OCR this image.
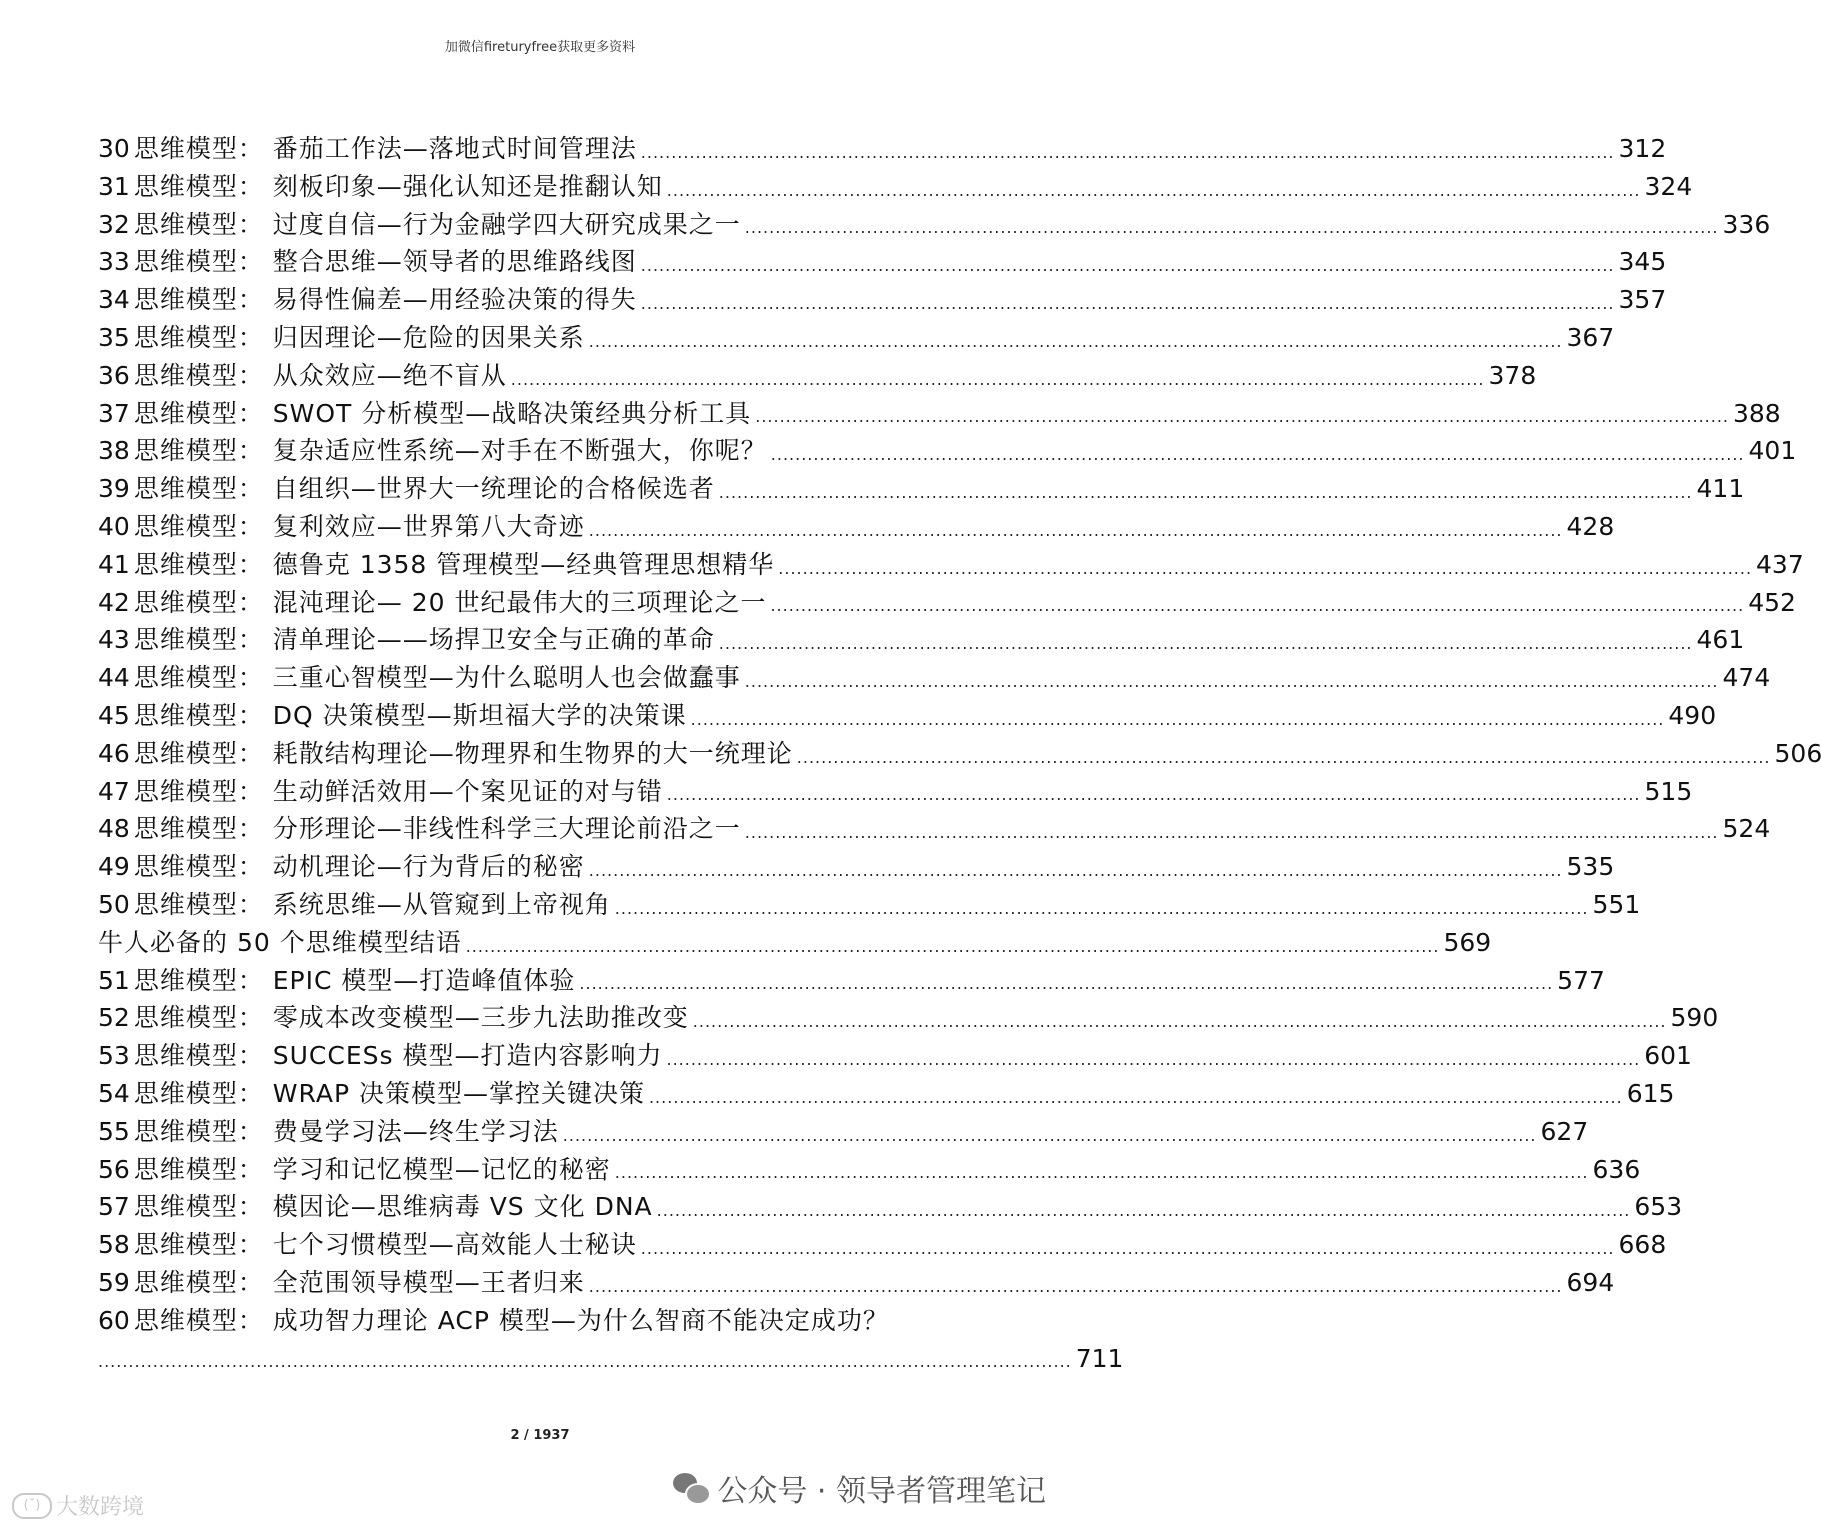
加微信fireturyfree获取更多资料
30 思维模型： 番茄工作法—落地式时间管理法 ................................................................................................................................................................ 312
31 思维模型： 刻板印象—强化认知还是推翻认知 ................................................................................................................................................................ 324
32 思维模型： 过度自信—行为金融学四大研究成果之一 ................................................................................................................................................................ 336
33 思维模型： 整合思维—领导者的思维路线图 ................................................................................................................................................................ 345
34 思维模型： 易得性偏差—用经验决策的得失 ................................................................................................................................................................ 357
35 思维模型： 归因理论—危险的因果关系 ................................................................................................................................................................ 367
36 思维模型： 从众效应—绝不盲从 ................................................................................................................................................................ 378
37 思维模型： SWOT 分析模型—战略决策经典分析工具 ................................................................................................................................................................ 388
38 思维模型： 复杂适应性系统—对手在不断强大，你呢？ ................................................................................................................................................................ 401
39 思维模型： 自组织—世界大一统理论的合格候选者 ................................................................................................................................................................ 411
40 思维模型： 复利效应—世界第八大奇迹 ................................................................................................................................................................ 428
41 思维模型： 德鲁克 1358 管理模型—经典管理思想精华 ................................................................................................................................................................ 437
42 思维模型： 混沌理论— 20 世纪最伟大的三项理论之一 ................................................................................................................................................................ 452
43 思维模型： 清单理论——场捍卫安全与正确的革命 ................................................................................................................................................................ 461
44 思维模型： 三重心智模型—为什么聪明人也会做蠢事 ................................................................................................................................................................ 474
45 思维模型： DQ 决策模型—斯坦福大学的决策课 ................................................................................................................................................................ 490
46 思维模型： 耗散结构理论—物理界和生物界的大一统理论 ................................................................................................................................................................ 506
47 思维模型： 生动鲜活效用—个案见证的对与错 ................................................................................................................................................................ 515
48 思维模型： 分形理论—非线性科学三大理论前沿之一 ................................................................................................................................................................ 524
49 思维模型： 动机理论—行为背后的秘密 ................................................................................................................................................................ 535
50 思维模型： 系统思维—从管窥到上帝视角 ................................................................................................................................................................ 551
牛人必备的 50 个思维模型结语 ................................................................................................................................................................ 569
51 思维模型： EPIC 模型—打造峰值体验 ................................................................................................................................................................ 577
52 思维模型： 零成本改变模型—三步九法助推改变 ................................................................................................................................................................ 590
53 思维模型： SUCCESs 模型—打造内容影响力 ................................................................................................................................................................ 601
54 思维模型： WRAP 决策模型—掌控关键决策 ................................................................................................................................................................ 615
55 思维模型： 费曼学习法—终生学习法 ................................................................................................................................................................ 627
56 思维模型： 学习和记忆模型—记忆的秘密 ................................................................................................................................................................ 636
57 思维模型： 模因论—思维病毒 VS 文化 DNA ................................................................................................................................................................ 653
58 思维模型： 七个习惯模型—高效能人士秘诀 ................................................................................................................................................................ 668
59 思维模型： 全范围领导模型—王者归来 ................................................................................................................................................................ 694
60 思维模型： 成功智力理论 ACP 模型—为什么智商不能决定成功？
................................................................................................................................................................ 711
2 / 1937
(ˇ) 大数跨境	公众号 · 领导者管理笔记
